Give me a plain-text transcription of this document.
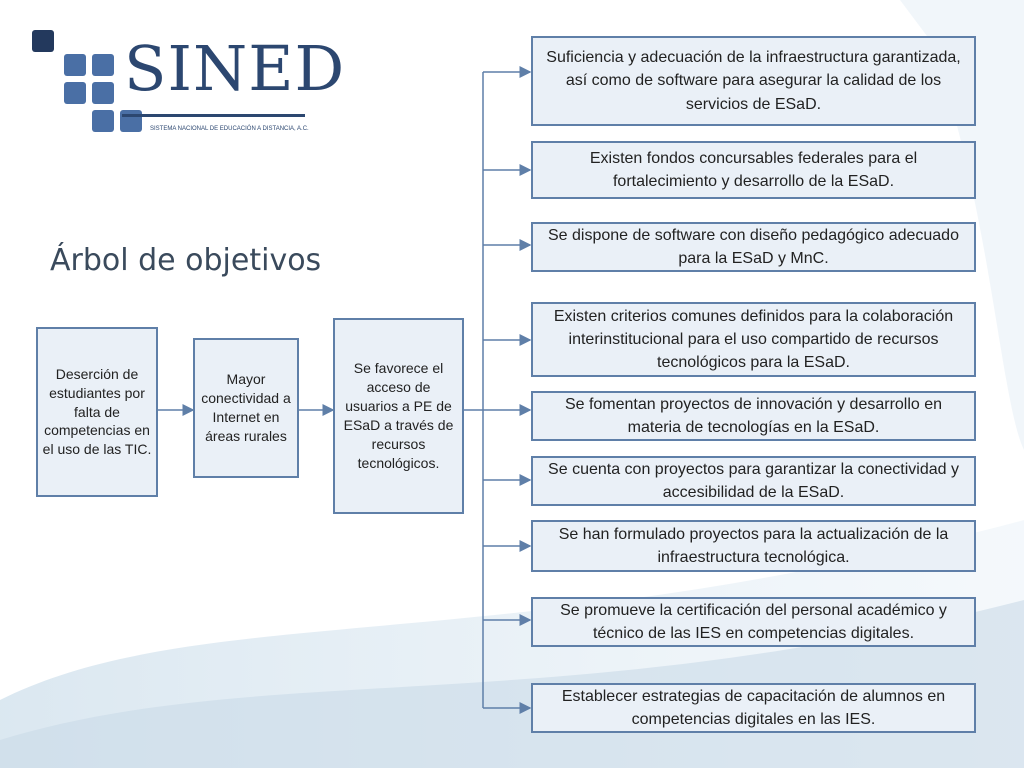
SINED
SISTEMA NACIONAL DE EDUCACIÓN A DISTANCIA, A.C.
Árbol de objetivos
Deserción de estudiantes por falta de competencias en el uso de las TIC.
Mayor conectividad a Internet en áreas rurales
Se favorece el acceso de usuarios a PE de ESaD a través de recursos tecnológicos.
Suficiencia y adecuación de la infraestructura garantizada, así como de software para asegurar la calidad de los servicios de ESaD.
Existen fondos concursables federales para el fortalecimiento y desarrollo de la ESaD.
Se dispone de software con diseño pedagógico adecuado para la ESaD y MnC.
Existen criterios comunes definidos para la colaboración interinstitucional para el uso compartido de recursos tecnológicos para la ESaD.
Se fomentan proyectos de innovación y desarrollo en materia de tecnologías en la ESaD.
Se cuenta con proyectos para garantizar la conectividad y accesibilidad de la ESaD.
Se han formulado proyectos para la actualización de la infraestructura tecnológica.
Se promueve la certificación del personal académico y técnico de las IES en competencias digitales.
Establecer estrategias de capacitación de alumnos en competencias digitales en las IES.
